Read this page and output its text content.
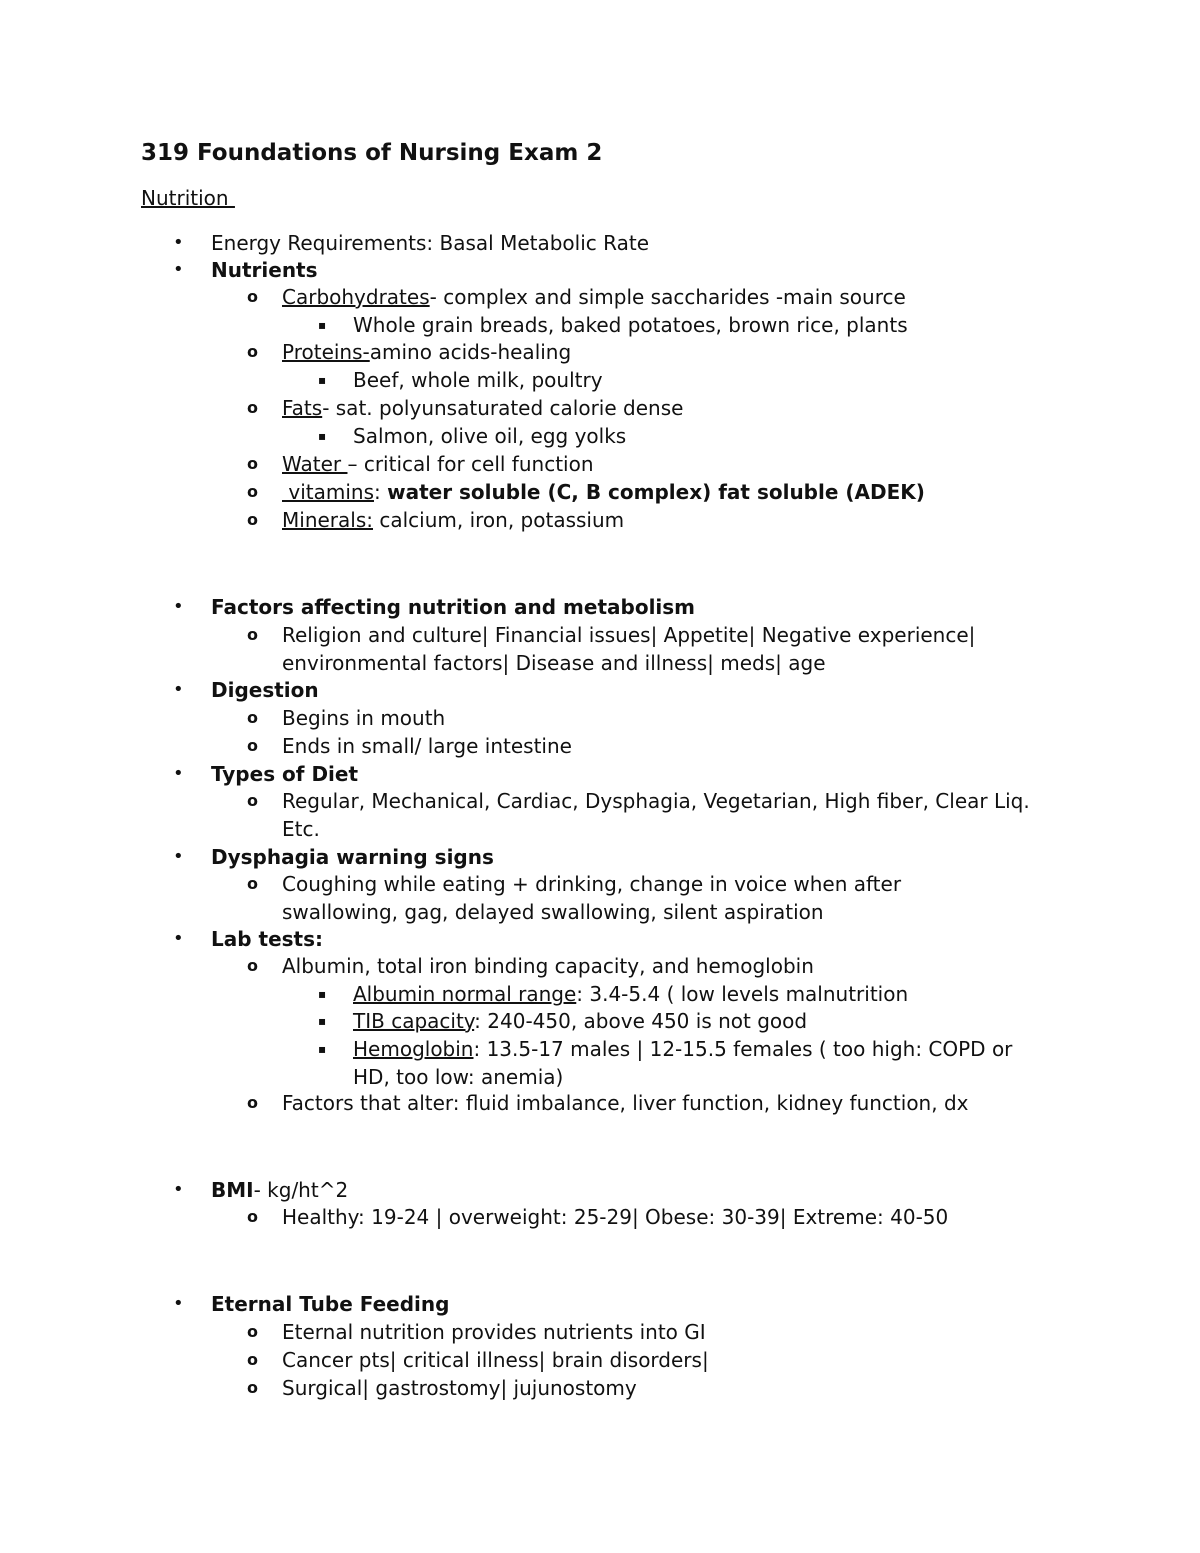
319 Foundations of Nursing Exam 2
Nutrition
• Energy Requirements: Basal Metabolic Rate
• Nutrients
o Carbohydrates- complex and simple saccharides -main source
▪ Whole grain breads, baked potatoes, brown rice, plants
o Proteins-amino acids-healing
▪ Beef, whole milk, poultry
o Fats- sat. polyunsaturated calorie dense
▪ Salmon, olive oil, egg yolks
o Water – critical for cell function
o vitamins: water soluble (C, B complex) fat soluble (ADEK)
o Minerals: calcium, iron, potassium
• Factors affecting nutrition and metabolism
o Religion and culture| Financial issues| Appetite| Negative experience| environmental factors| Disease and illness| meds| age
• Digestion
o Begins in mouth
o Ends in small/ large intestine
• Types of Diet
o Regular, Mechanical, Cardiac, Dysphagia, Vegetarian, High fiber, Clear Liq. Etc.
• Dysphagia warning signs
o Coughing while eating + drinking, change in voice when after swallowing, gag, delayed swallowing, silent aspiration
• Lab tests:
o Albumin, total iron binding capacity, and hemoglobin
▪ Albumin normal range: 3.4-5.4 ( low levels malnutrition
▪ TIB capacity: 240-450, above 450 is not good
▪ Hemoglobin: 13.5-17 males | 12-15.5 females ( too high: COPD or HD, too low: anemia)
o Factors that alter: fluid imbalance, liver function, kidney function, dx
• BMI- kg/ht^2
o Healthy: 19-24 | overweight: 25-29| Obese: 30-39| Extreme: 40-50
• Eternal Tube Feeding
o Eternal nutrition provides nutrients into GI
o Cancer pts| critical illness| brain disorders|
o Surgical| gastrostomy| jujunostomy
